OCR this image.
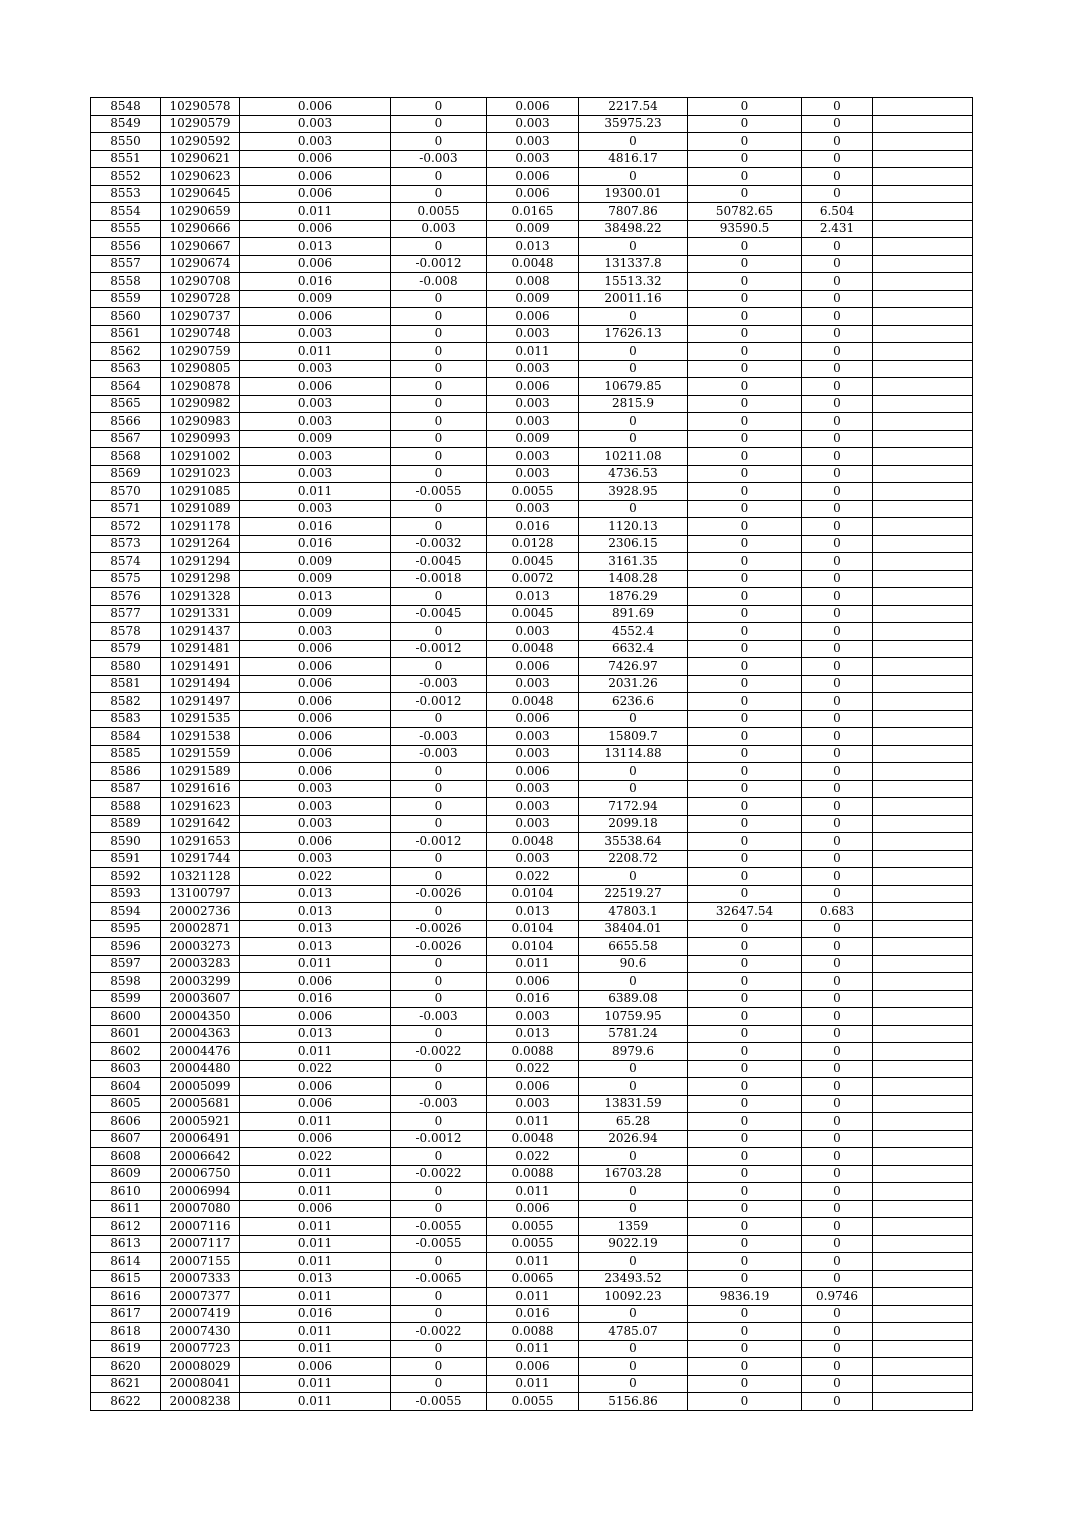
8548	10290578	0.006	0	0.006	2217.54	0	0	
8549	10290579	0.003	0	0.003	35975.23	0	0	
8550	10290592	0.003	0	0.003	0	0	0	
8551	10290621	0.006	-0.003	0.003	4816.17	0	0	
8552	10290623	0.006	0	0.006	0	0	0	
8553	10290645	0.006	0	0.006	19300.01	0	0	
8554	10290659	0.011	0.0055	0.0165	7807.86	50782.65	6.504	
8555	10290666	0.006	0.003	0.009	38498.22	93590.5	2.431	
8556	10290667	0.013	0	0.013	0	0	0	
8557	10290674	0.006	-0.0012	0.0048	131337.8	0	0	
8558	10290708	0.016	-0.008	0.008	15513.32	0	0	
8559	10290728	0.009	0	0.009	20011.16	0	0	
8560	10290737	0.006	0	0.006	0	0	0	
8561	10290748	0.003	0	0.003	17626.13	0	0	
8562	10290759	0.011	0	0.011	0	0	0	
8563	10290805	0.003	0	0.003	0	0	0	
8564	10290878	0.006	0	0.006	10679.85	0	0	
8565	10290982	0.003	0	0.003	2815.9	0	0	
8566	10290983	0.003	0	0.003	0	0	0	
8567	10290993	0.009	0	0.009	0	0	0	
8568	10291002	0.003	0	0.003	10211.08	0	0	
8569	10291023	0.003	0	0.003	4736.53	0	0	
8570	10291085	0.011	-0.0055	0.0055	3928.95	0	0	
8571	10291089	0.003	0	0.003	0	0	0	
8572	10291178	0.016	0	0.016	1120.13	0	0	
8573	10291264	0.016	-0.0032	0.0128	2306.15	0	0	
8574	10291294	0.009	-0.0045	0.0045	3161.35	0	0	
8575	10291298	0.009	-0.0018	0.0072	1408.28	0	0	
8576	10291328	0.013	0	0.013	1876.29	0	0	
8577	10291331	0.009	-0.0045	0.0045	891.69	0	0	
8578	10291437	0.003	0	0.003	4552.4	0	0	
8579	10291481	0.006	-0.0012	0.0048	6632.4	0	0	
8580	10291491	0.006	0	0.006	7426.97	0	0	
8581	10291494	0.006	-0.003	0.003	2031.26	0	0	
8582	10291497	0.006	-0.0012	0.0048	6236.6	0	0	
8583	10291535	0.006	0	0.006	0	0	0	
8584	10291538	0.006	-0.003	0.003	15809.7	0	0	
8585	10291559	0.006	-0.003	0.003	13114.88	0	0	
8586	10291589	0.006	0	0.006	0	0	0	
8587	10291616	0.003	0	0.003	0	0	0	
8588	10291623	0.003	0	0.003	7172.94	0	0	
8589	10291642	0.003	0	0.003	2099.18	0	0	
8590	10291653	0.006	-0.0012	0.0048	35538.64	0	0	
8591	10291744	0.003	0	0.003	2208.72	0	0	
8592	10321128	0.022	0	0.022	0	0	0	
8593	13100797	0.013	-0.0026	0.0104	22519.27	0	0	
8594	20002736	0.013	0	0.013	47803.1	32647.54	0.683	
8595	20002871	0.013	-0.0026	0.0104	38404.01	0	0	
8596	20003273	0.013	-0.0026	0.0104	6655.58	0	0	
8597	20003283	0.011	0	0.011	90.6	0	0	
8598	20003299	0.006	0	0.006	0	0	0	
8599	20003607	0.016	0	0.016	6389.08	0	0	
8600	20004350	0.006	-0.003	0.003	10759.95	0	0	
8601	20004363	0.013	0	0.013	5781.24	0	0	
8602	20004476	0.011	-0.0022	0.0088	8979.6	0	0	
8603	20004480	0.022	0	0.022	0	0	0	
8604	20005099	0.006	0	0.006	0	0	0	
8605	20005681	0.006	-0.003	0.003	13831.59	0	0	
8606	20005921	0.011	0	0.011	65.28	0	0	
8607	20006491	0.006	-0.0012	0.0048	2026.94	0	0	
8608	20006642	0.022	0	0.022	0	0	0	
8609	20006750	0.011	-0.0022	0.0088	16703.28	0	0	
8610	20006994	0.011	0	0.011	0	0	0	
8611	20007080	0.006	0	0.006	0	0	0	
8612	20007116	0.011	-0.0055	0.0055	1359	0	0	
8613	20007117	0.011	-0.0055	0.0055	9022.19	0	0	
8614	20007155	0.011	0	0.011	0	0	0	
8615	20007333	0.013	-0.0065	0.0065	23493.52	0	0	
8616	20007377	0.011	0	0.011	10092.23	9836.19	0.9746	
8617	20007419	0.016	0	0.016	0	0	0	
8618	20007430	0.011	-0.0022	0.0088	4785.07	0	0	
8619	20007723	0.011	0	0.011	0	0	0	
8620	20008029	0.006	0	0.006	0	0	0	
8621	20008041	0.011	0	0.011	0	0	0	
8622	20008238	0.011	-0.0055	0.0055	5156.86	0	0	
